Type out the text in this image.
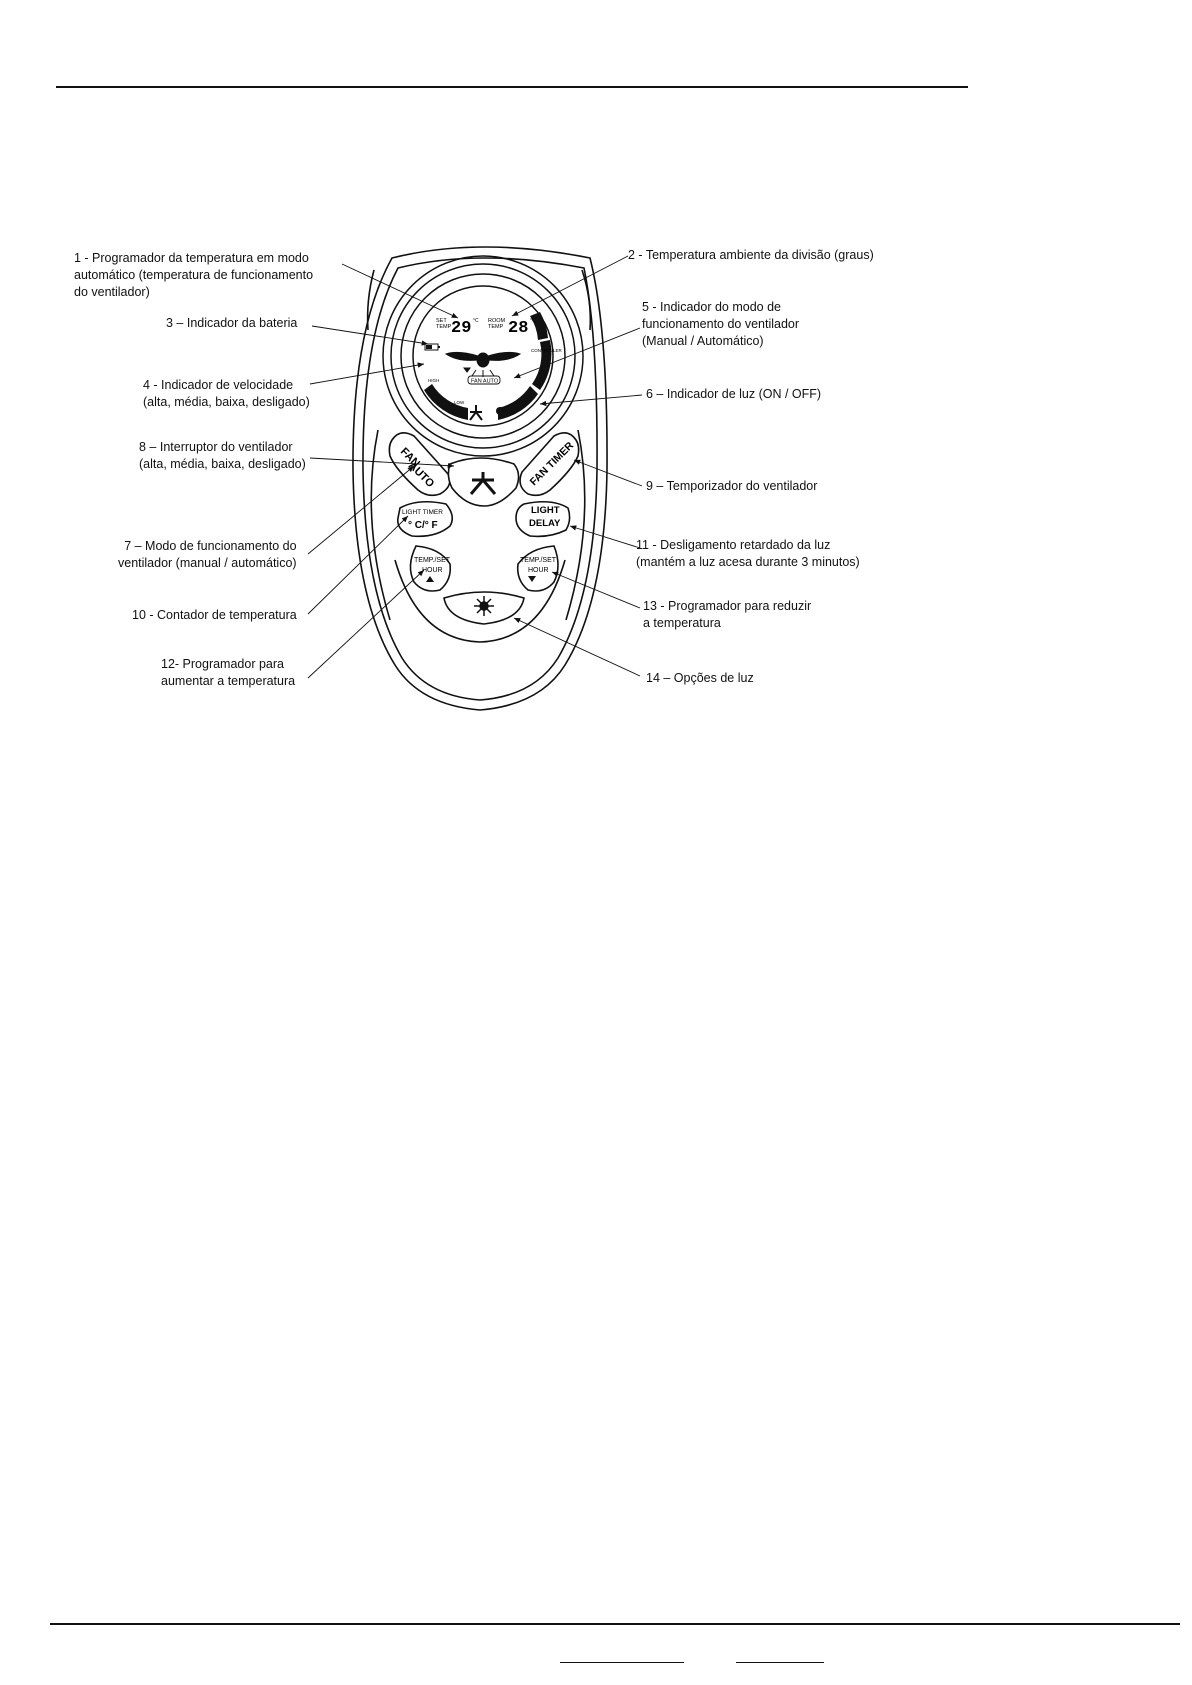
SET
TEMP 29 °C ROOM
TEMP 28 °C
CONTROLLER
FAN AUTO
HIGH
LOW
FAN
AUTO	FAN TIMER
LIGHT TIMER
° C/° F
LIGHT
DELAY
TEMP./SET
HOUR
TEMP./SET
HOUR
1 - Programador da temperatura em modo
automático (temperatura de funcionamento
do ventilador)
2 - Temperatura ambiente da divisão (graus)
3 – Indicador da bateria
4 - Indicador de velocidade
(alta, média, baixa, desligado)
5 - Indicador do modo de
funcionamento do ventilador
(Manual / Automático)
6 – Indicador de luz (ON / OFF)
7 – Modo de funcionamento do
ventilador (manual / automático)
8 – Interruptor do ventilador
(alta, média, baixa, desligado)
9 – Temporizador do ventilador
10 - Contador de temperatura
11 - Desligamento retardado da luz
(mantém a luz acesa durante 3 minutos)
12- Programador para
aumentar a temperatura
13 - Programador para reduzir
a temperatura
14 – Opções de luz
